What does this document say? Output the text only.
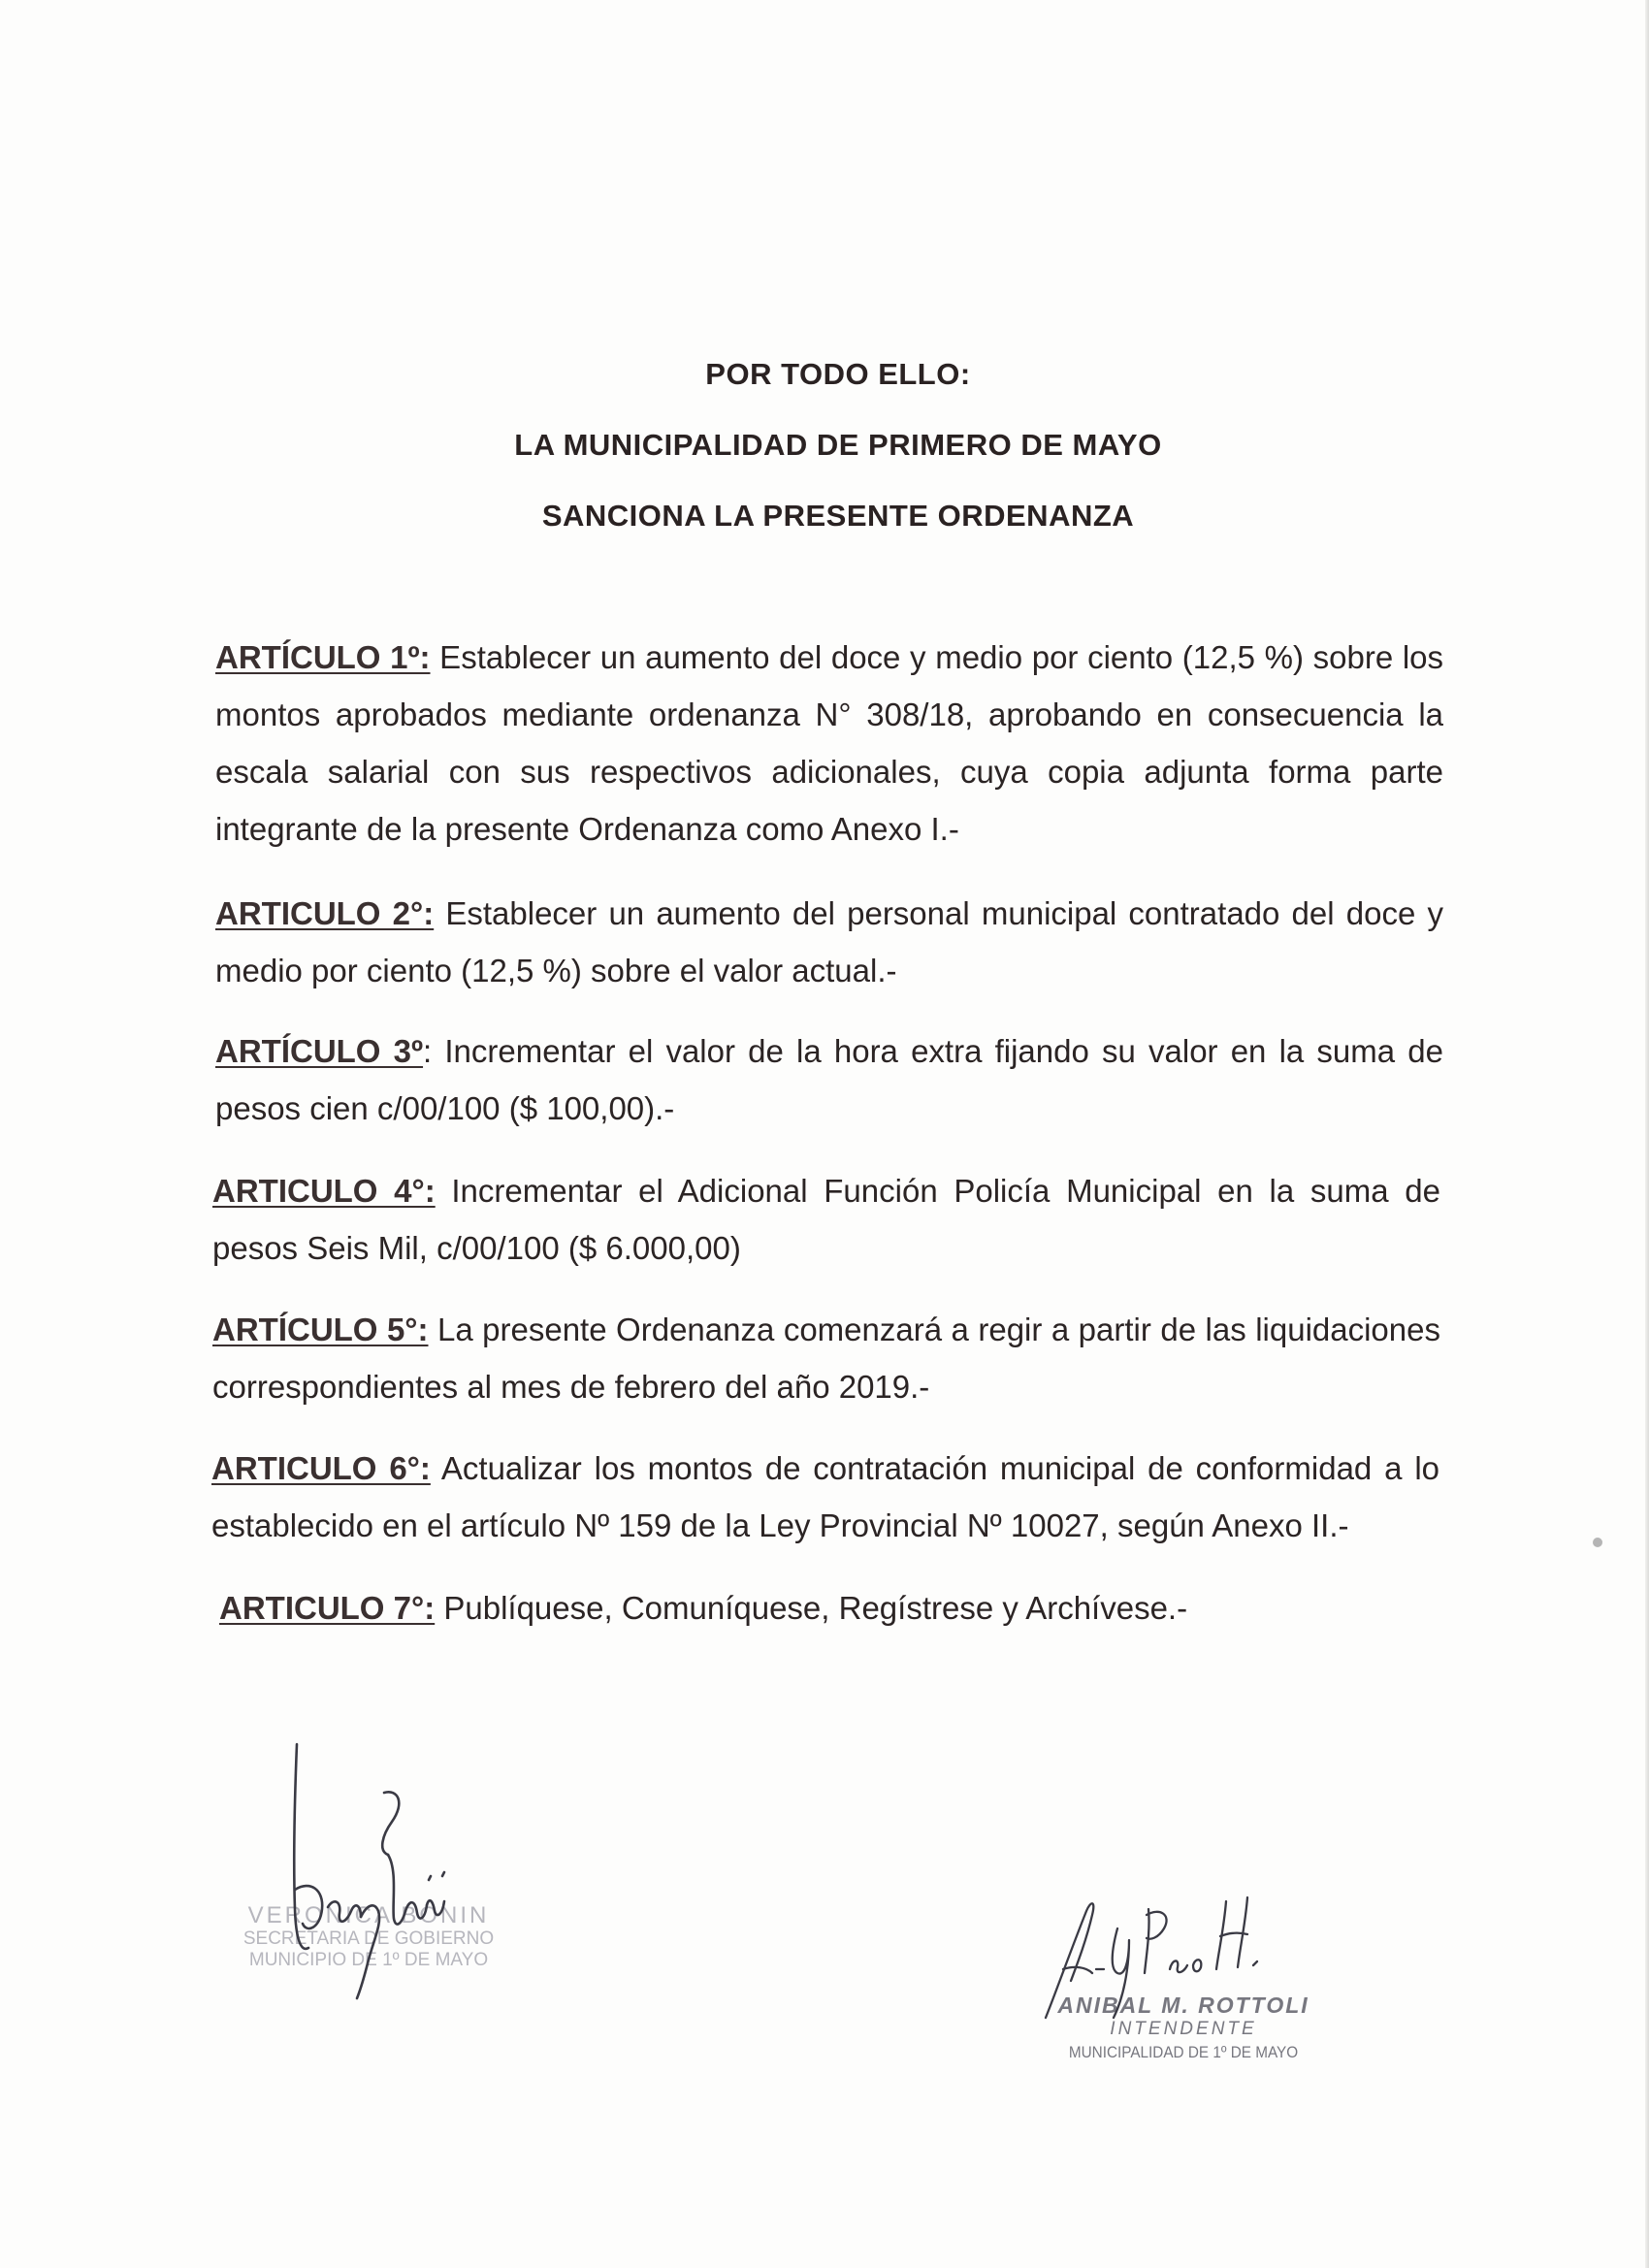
POR TODO ELLO:
LA MUNICIPALIDAD DE PRIMERO DE MAYO
SANCIONA LA PRESENTE ORDENANZA
ARTÍCULO 1º: Establecer un aumento del doce y medio por ciento (12,5 %) sobre los montos aprobados mediante ordenanza N° 308/18, aprobando en consecuencia la escala salarial con sus respectivos adicionales, cuya copia adjunta forma parte integrante de la presente Ordenanza como Anexo I.-
ARTICULO 2°: Establecer un aumento del personal municipal contratado del doce y medio por ciento (12,5 %) sobre el valor actual.-
ARTÍCULO 3º: Incrementar el valor de la hora extra fijando su valor en la suma de pesos cien c/00/100 ($ 100,00).-
ARTICULO 4°: Incrementar el Adicional Función Policía Municipal en la suma de pesos Seis Mil, c/00/100 ($ 6.000,00)
ARTÍCULO 5°: La presente Ordenanza comenzará a regir a partir de las liquidaciones correspondientes al mes de febrero del año 2019.-
ARTICULO 6°: Actualizar los montos de contratación municipal de conformidad a lo establecido en el artículo Nº 159 de la Ley Provincial Nº 10027, según Anexo II.-
ARTICULO 7°: Publíquese, Comuníquese, Regístrese y Archívese.-
VERONICA BONIN
SECRETARIA DE GOBIERNO
MUNICIPIO DE 1º DE MAYO
ANIBAL M. ROTTOLI
INTENDENTE
MUNICIPALIDAD DE 1º DE MAYO
